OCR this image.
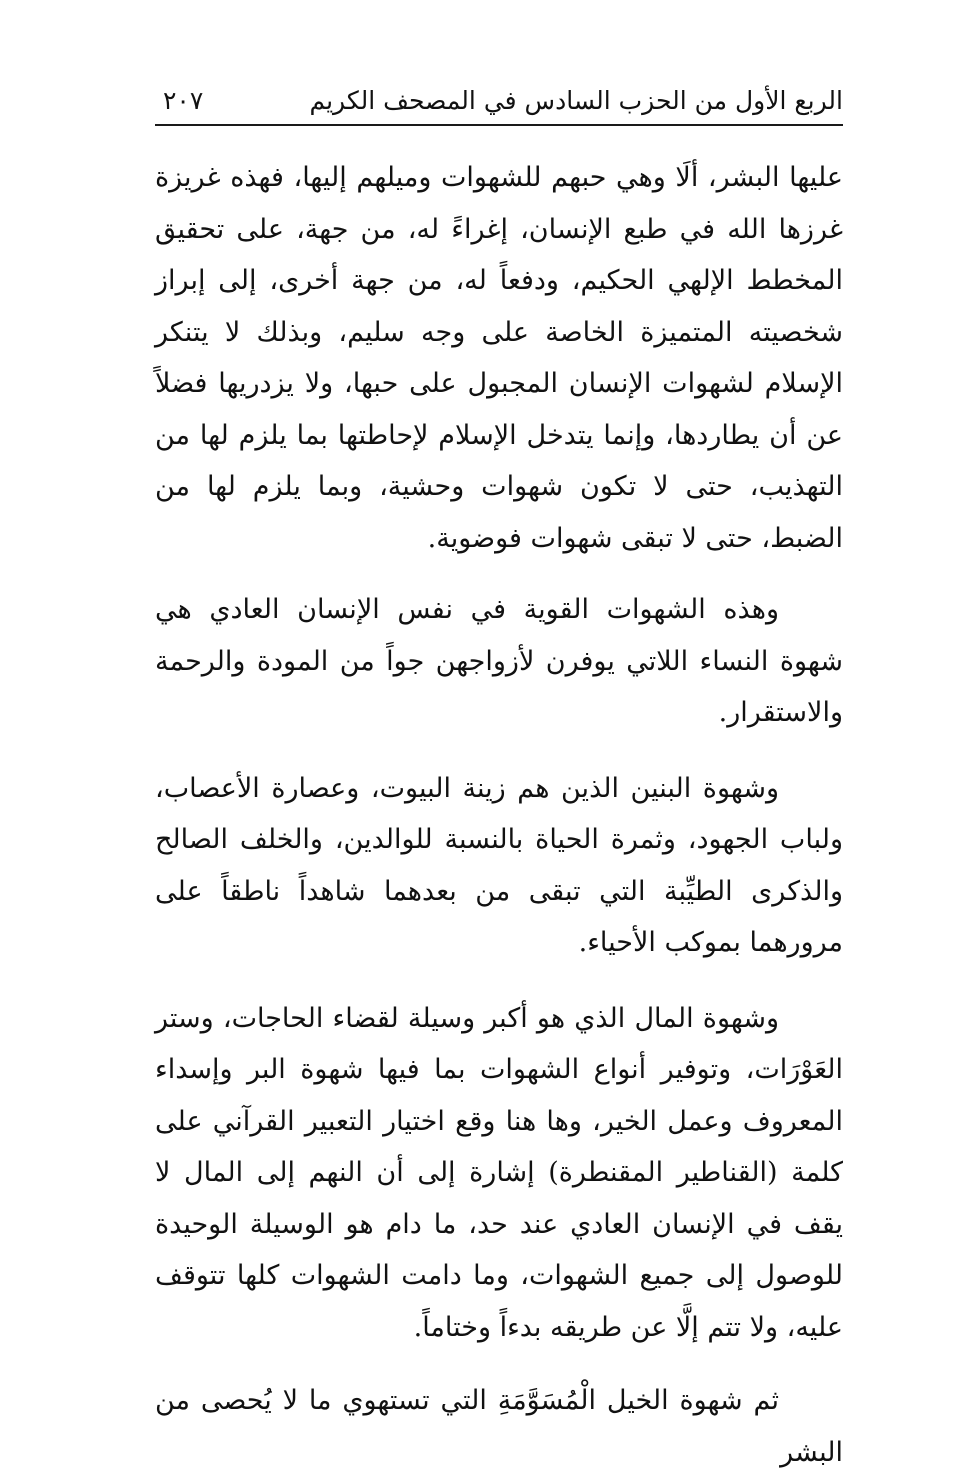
الربع الأول من الحزب السادس في المصحف الكريم
٢٠٧

عليها البشر، ألَا وهي حبهم للشهوات وميلهم إليها، فهذه غريزة غرزها الله في طبع الإنسان، إغراءً له، من جهة، على تحقيق المخطط الإلهي الحكيم، ودفعاً له، من جهة أخرى، إلى إبراز شخصيته المتميزة الخاصة على وجه سليم، وبذلك لا يتنكر الإسلام لشهوات الإنسان المجبول على حبها، ولا يزدريها فضلاً عن أن يطاردها، وإنما يتدخل الإسلام لإحاطتها بما يلزم لها من التهذيب، حتى لا تكون شهوات وحشية، وبما يلزم لها من الضبط، حتى لا تبقى شهوات فوضوية.

وهذه الشهوات القوية في نفس الإنسان العادي هي شهوة النساء اللاتي يوفرن لأزواجهن جواً من المودة والرحمة والاستقرار.

وشهوة البنين الذين هم زينة البيوت، وعصارة الأعصاب، ولباب الجهود، وثمرة الحياة بالنسبة للوالدين، والخلف الصالح والذكرى الطيِّبة التي تبقى من بعدهما شاهداً ناطقاً على مرورهما بموكب الأحياء.

وشهوة المال الذي هو أكبر وسيلة لقضاء الحاجات، وستر العَوْرَات، وتوفير أنواع الشهوات بما فيها شهوة البر وإسداء المعروف وعمل الخير، وها هنا وقع اختيار التعبير القرآني على كلمة (القناطير المقنطرة) إشارة إلى أن النهم إلى المال لا يقف في الإنسان العادي عند حد، ما دام هو الوسيلة الوحيدة للوصول إلى جميع الشهوات، وما دامت الشهوات كلها تتوقف عليه، ولا تتم إلَّا عن طريقه بدءاً وختاماً.

ثم شهوة الخيل الْمُسَوَّمَةِ التي تستهوي ما لا يُحصى من البشر
